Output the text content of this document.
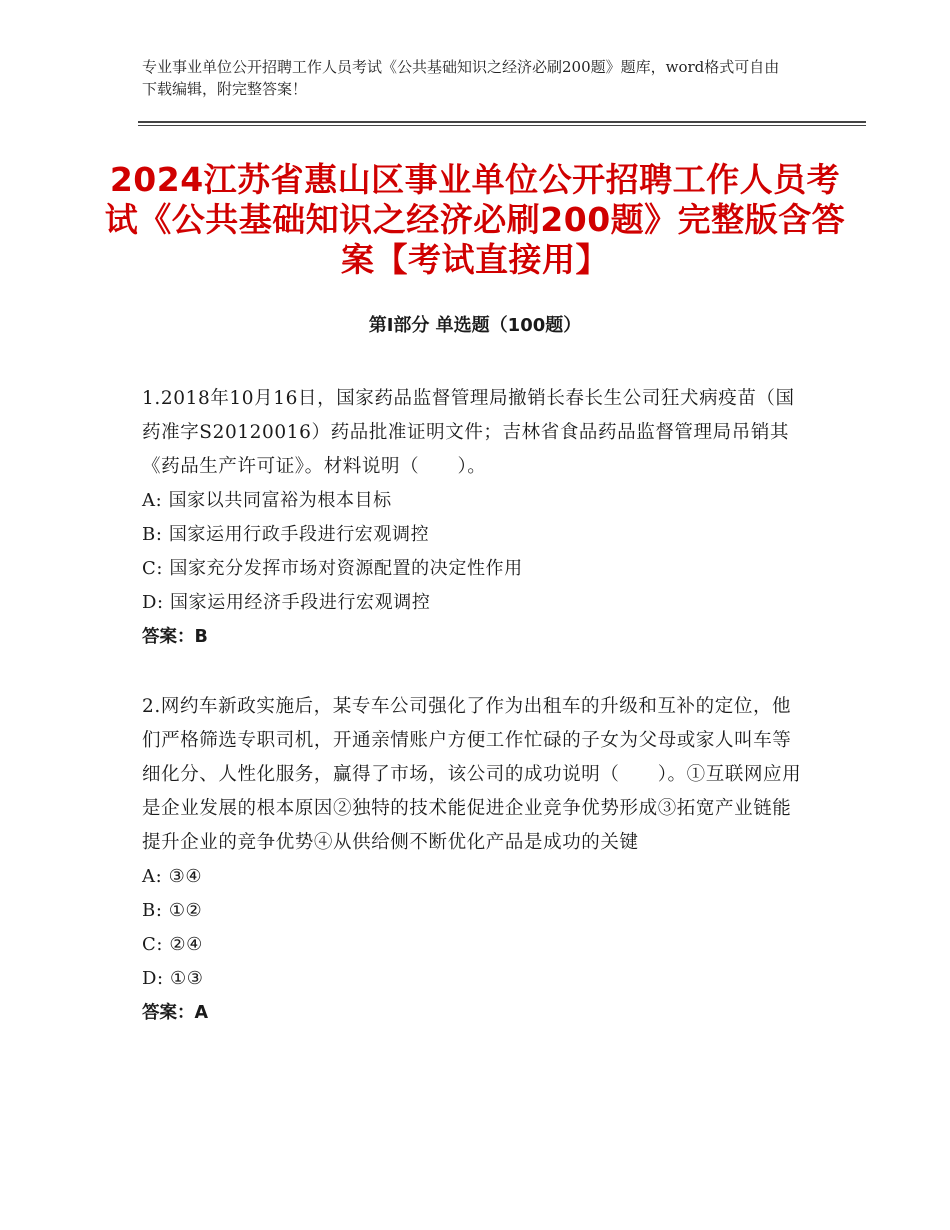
专业事业单位公开招聘工作人员考试《公共基础知识之经济必刷200题》题库，word格式可自由下载编辑，附完整答案！
2024江苏省惠山区事业单位公开招聘工作人员考试《公共基础知识之经济必刷200题》完整版含答案【考试直接用】
第Ⅰ部分 单选题（100题）
1.2018年10月16日，国家药品监督管理局撤销长春长生公司狂犬病疫苗（国药准字S20120016）药品批准证明文件；吉林省食品药品监督管理局吊销其《药品生产许可证》。材料说明（　　）。
A: 国家以共同富裕为根本目标
B: 国家运用行政手段进行宏观调控
C: 国家充分发挥市场对资源配置的决定性作用
D: 国家运用经济手段进行宏观调控
答案：B
2.网约车新政实施后，某专车公司强化了作为出租车的升级和互补的定位，他们严格筛选专职司机，开通亲情账户方便工作忙碌的子女为父母或家人叫车等细化分、人性化服务，赢得了市场，该公司的成功说明（　　）。①互联网应用是企业发展的根本原因②独特的技术能促进企业竞争优势形成③拓宽产业链能提升企业的竞争优势④从供给侧不断优化产品是成功的关键
A: ③④
B: ①②
C: ②④
D: ①③
答案：A
